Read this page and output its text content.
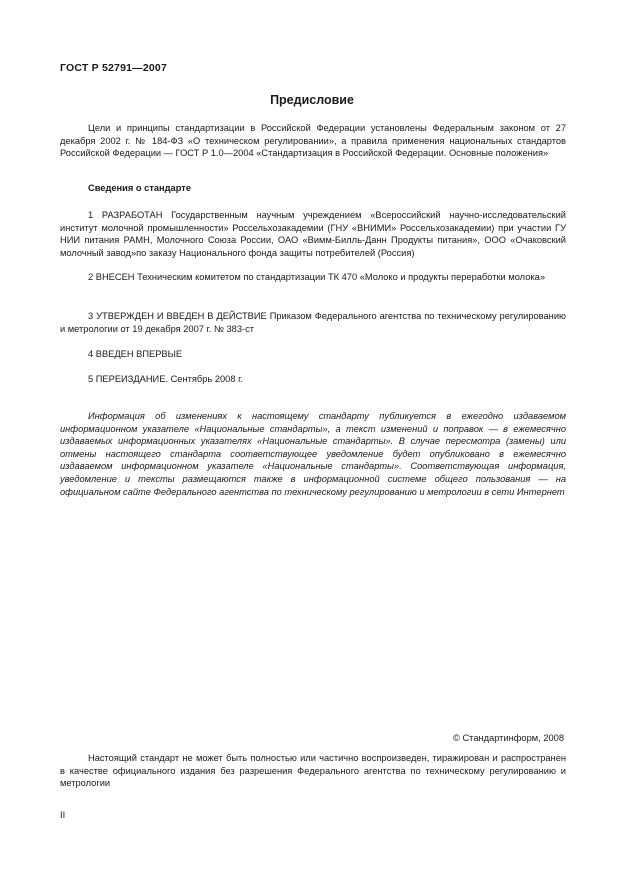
ГОСТ Р 52791—2007
Предисловие

Цели и принципы стандартизации в Российской Федерации установлены Федеральным законом от 27 декабря 2002 г. № 184-ФЗ «О техническом регулировании», а правила применения национальных стандартов Российской Федерации — ГОСТ Р 1.0—2004 «Стандартизация в Российской Федерации. Основные положения»

Сведения о стандарте

1 РАЗРАБОТАН Государственным научным учреждением «Всероссийский научно-исследовательский институт молочной промышленности» Россельхозакадемии (ГНУ «ВНИМИ» Россельхозакадемии) при участии ГУ НИИ питания РАМН, Молочного Союза России, ОАО «Вимм-Билль-Данн Продукты питания», ООО «Очаковский молочный завод»по заказу Национального фонда защиты потребителей (Россия)

2 ВНЕСЕН Техническим комитетом по стандартизации ТК 470 «Молоко и продукты переработки молока»

3 УТВЕРЖДЕН И ВВЕДЕН В ДЕЙСТВИЕ Приказом Федерального агентства по техническому регулированию и метрологии от 19 декабря 2007 г. № 383-ст

4 ВВЕДЕН ВПЕРВЫЕ

5 ПЕРЕИЗДАНИЕ. Сентябрь 2008 г.

Информация об изменениях к настоящему стандарту публикуется в ежегодно издаваемом информационном указателе «Национальные стандарты», а текст изменений и поправок — в ежемесячно издаваемых информационных указателях «Национальные стандарты». В случае пересмотра (замены) или отмены настоящего стандарта соответствующее уведомление будет опубликовано в ежемесячно издаваемом информационном указателе «Национальные стандарты». Соответствующая информация, уведомление и тексты размещаются также в информационной системе общего пользования — на официальном сайте Федерального агентства по техническому регулированию и метрологии в сети Интернет

© Стандартинформ, 2008

Настоящий стандарт не может быть полностью или частично воспроизведен, тиражирован и распространен в качестве официального издания без разрешения Федерального агентства по техническому регулированию и метрологии

II
